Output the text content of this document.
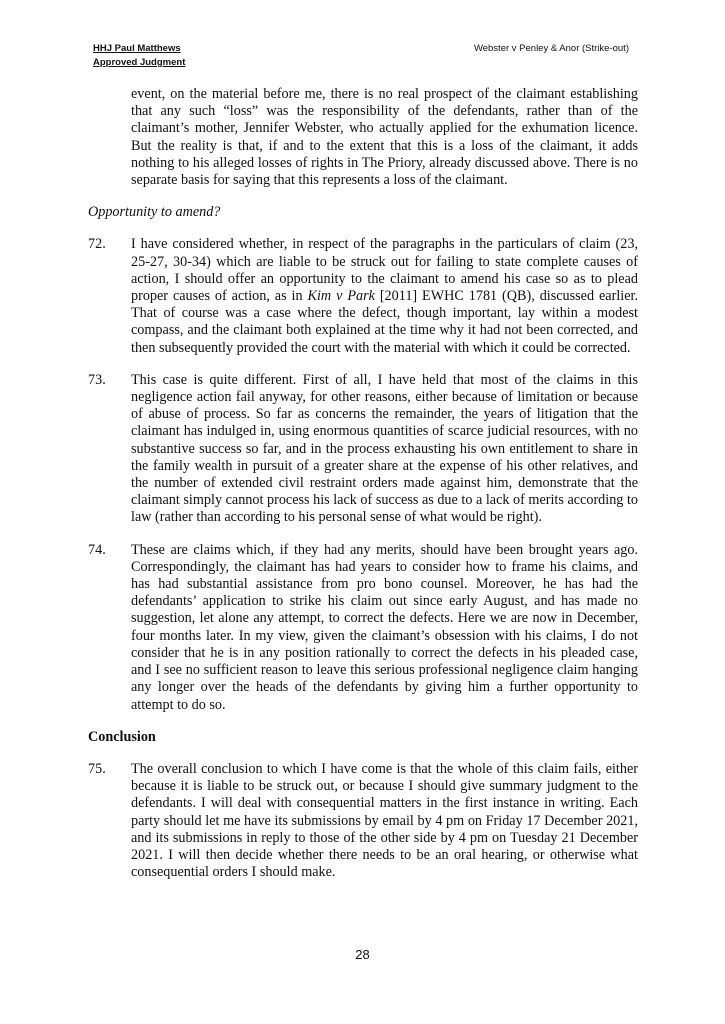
HHJ Paul Matthews
Approved Judgment
Webster v Penley & Anor (Strike-out)
event, on the material before me, there is no real prospect of the claimant establishing that any such “loss” was the responsibility of the defendants, rather than of the claimant’s mother, Jennifer Webster, who actually applied for the exhumation licence. But the reality is that, if and to the extent that this is a loss of the claimant, it adds nothing to his alleged losses of rights in The Priory, already discussed above. There is no separate basis for saying that this represents a loss of the claimant.
Opportunity to amend?
72. I have considered whether, in respect of the paragraphs in the particulars of claim (23, 25-27, 30-34) which are liable to be struck out for failing to state complete causes of action, I should offer an opportunity to the claimant to amend his case so as to plead proper causes of action, as in Kim v Park [2011] EWHC 1781 (QB), discussed earlier. That of course was a case where the defect, though important, lay within a modest compass, and the claimant both explained at the time why it had not been corrected, and then subsequently provided the court with the material with which it could be corrected.
73. This case is quite different. First of all, I have held that most of the claims in this negligence action fail anyway, for other reasons, either because of limitation or because of abuse of process. So far as concerns the remainder, the years of litigation that the claimant has indulged in, using enormous quantities of scarce judicial resources, with no substantive success so far, and in the process exhausting his own entitlement to share in the family wealth in pursuit of a greater share at the expense of his other relatives, and the number of extended civil restraint orders made against him, demonstrate that the claimant simply cannot process his lack of success as due to a lack of merits according to law (rather than according to his personal sense of what would be right).
74. These are claims which, if they had any merits, should have been brought years ago. Correspondingly, the claimant has had years to consider how to frame his claims, and has had substantial assistance from pro bono counsel. Moreover, he has had the defendants’ application to strike his claim out since early August, and has made no suggestion, let alone any attempt, to correct the defects. Here we are now in December, four months later. In my view, given the claimant’s obsession with his claims, I do not consider that he is in any position rationally to correct the defects in his pleaded case, and I see no sufficient reason to leave this serious professional negligence claim hanging any longer over the heads of the defendants by giving him a further opportunity to attempt to do so.
Conclusion
75. The overall conclusion to which I have come is that the whole of this claim fails, either because it is liable to be struck out, or because I should give summary judgment to the defendants. I will deal with consequential matters in the first instance in writing. Each party should let me have its submissions by email by 4 pm on Friday 17 December 2021, and its submissions in reply to those of the other side by 4 pm on Tuesday 21 December 2021. I will then decide whether there needs to be an oral hearing, or otherwise what consequential orders I should make.
28
